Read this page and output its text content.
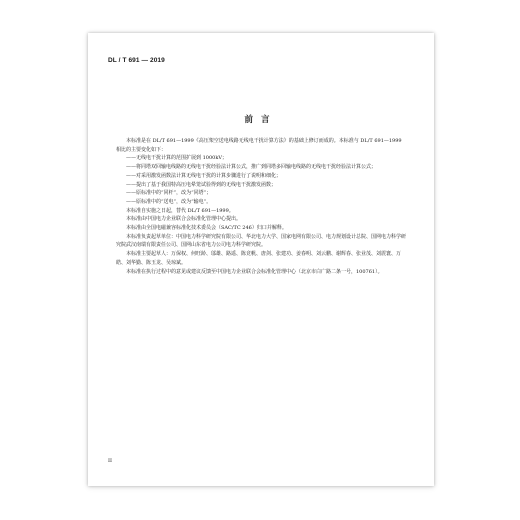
DL / T 691 — 2019
前言

本标准是在 DL/T 691—1999《高压架空送电线路无线电干扰计算方法》的基础上修订而成的。本标准与 DL/T 691—1999 相比的主要变化如下：

——无线电干扰计算的范围扩展到 1000kV；

——将同塔双回输电线路的无线电干扰经验法计算公式，推广到同塔多回输电线路的无线电干扰经验法计算公式；

——对采用激发函数法计算无线电干扰的计算步骤进行了说明和细化；

——提出了基于我国特高压电晕笼试验得到的无线电干扰激发函数；

——原标准中的“同杆”，改为“同塔”；

——原标准中的“送电”，改为“输电”。

本标准自实施之日起，替代 DL/T 691—1999。

本标准由中国电力企业联合会标准化管理中心提出。

本标准由全国电磁兼容标准化技术委员会（SAC/TC 246）归口并解释。

本标准负责起草单位：中国电力科学研究院有限公司、华北电力大学、国家电网有限公司、电力规划设计总院、国网电力科学研究院武汉南瑞有限责任公司、国网山东省电力公司电力科学研究院。

本标准主要起草人：万保权、何旺龄、邬雄、路遥、陈竞帆、唐剑、张建功、姜春明、刘云鹏、谢辉春、张业茂、刘震寰、万皓、刘华勤、陈玉龙、吴琼斌。

本标准在执行过程中的意见或建议反馈至中国电力企业联合会标准化管理中心（北京市白广路二条一号，100761）。

II
